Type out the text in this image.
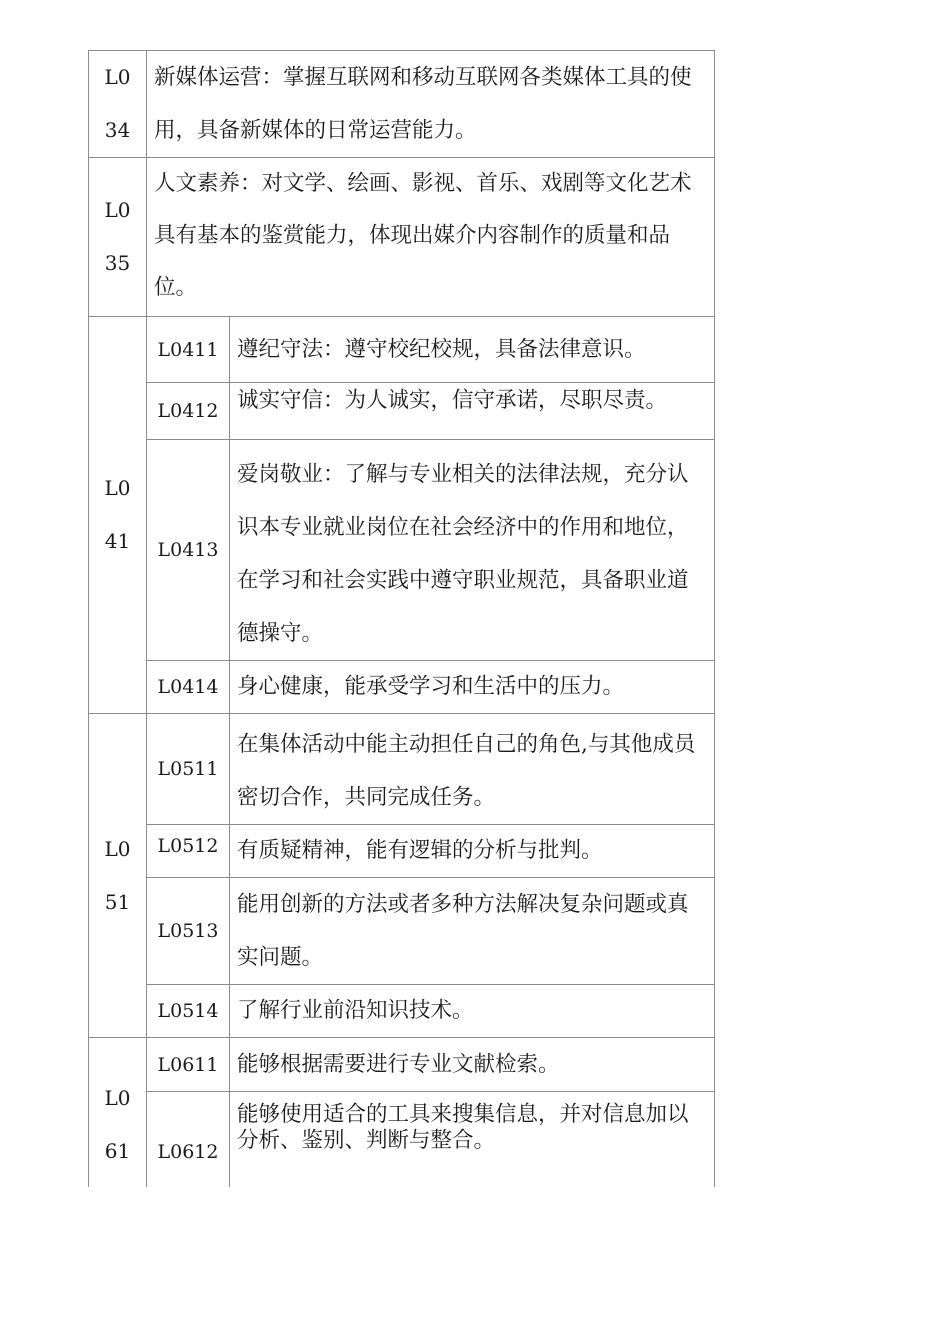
L034	新媒体运营：掌握互联网和移动互联网各类媒体工具的使用，具备新媒体的日常运营能力。	
L035	人文素养：对文学、绘画、影视、首乐、戏剧等文化艺术具有基本的鉴赏能力，体现出媒介内容制作的质量和品位。	
L041	L0411	遵纪守法：遵守校纪校规，具备法律意识。
	L0412	诚实守信：为人诚实，信守承诺，尽职尽责。
	L0413	爱岗敬业：了解与专业相关的法律法规，充分认识本专业就业岗位在社会经济中的作用和地位，在学习和社会实践中遵守职业规范，具备职业道德操守。
	L0414	身心健康，能承受学习和生活中的压力。
L051	L0511	在集体活动中能主动担任自己的角色,与其他成员密切合作，共同完成任务。
	L0512	有质疑精神，能有逻辑的分析与批判。
	L0513	能用创新的方法或者多种方法解决复杂问题或真实问题。
	L0514	了解行业前沿知识技术。
L061	L0611	能够根据需要进行专业文献检索。
	L0612	能够使用适合的工具来搜集信息，并对信息加以分析、鉴别、判断与整合。
